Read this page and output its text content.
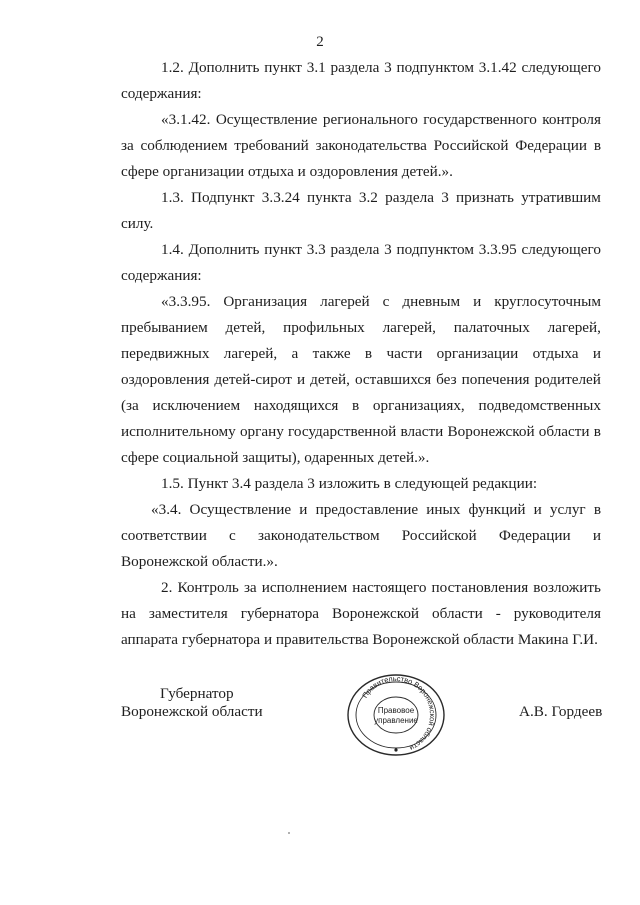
2
1.2. Дополнить пункт 3.1 раздела 3 подпунктом 3.1.42 следующего
содержания:
«3.1.42. Осуществление регионального государственного контроля
за соблюдением требований законодательства Российской Федерации в
сфере организации отдыха и оздоровления детей.».
1.3. Подпункт 3.3.24 пункта 3.2 раздела 3 признать утратившим
силу.
1.4. Дополнить пункт 3.3 раздела 3 подпунктом 3.3.95 следующего
содержания:
«3.3.95. Организация лагерей с дневным и круглосуточным
пребыванием детей, профильных лагерей, палаточных лагерей,
передвижных лагерей, а также в части организации отдыха и
оздоровления детей-сирот и детей, оставшихся без попечения родителей
(за исключением находящихся в организациях, подведомственных
исполнительному органу государственной власти Воронежской области в
сфере социальной защиты), одаренных детей.».
1.5. Пункт 3.4 раздела 3 изложить в следующей редакции:
«3.4. Осуществление и предоставление иных функций и услуг в
соответствии с законодательством Российской Федерации и
Воронежской области.».
2. Контроль за исполнением настоящего постановления возложить
на заместителя губернатора Воронежской области - руководителя
аппарата губернатора и правительства Воронежской области Макина Г.И.
Губернатор
Воронежской области	А.В. Гордеев
Правительство Воронежской области
Правовое
управление
